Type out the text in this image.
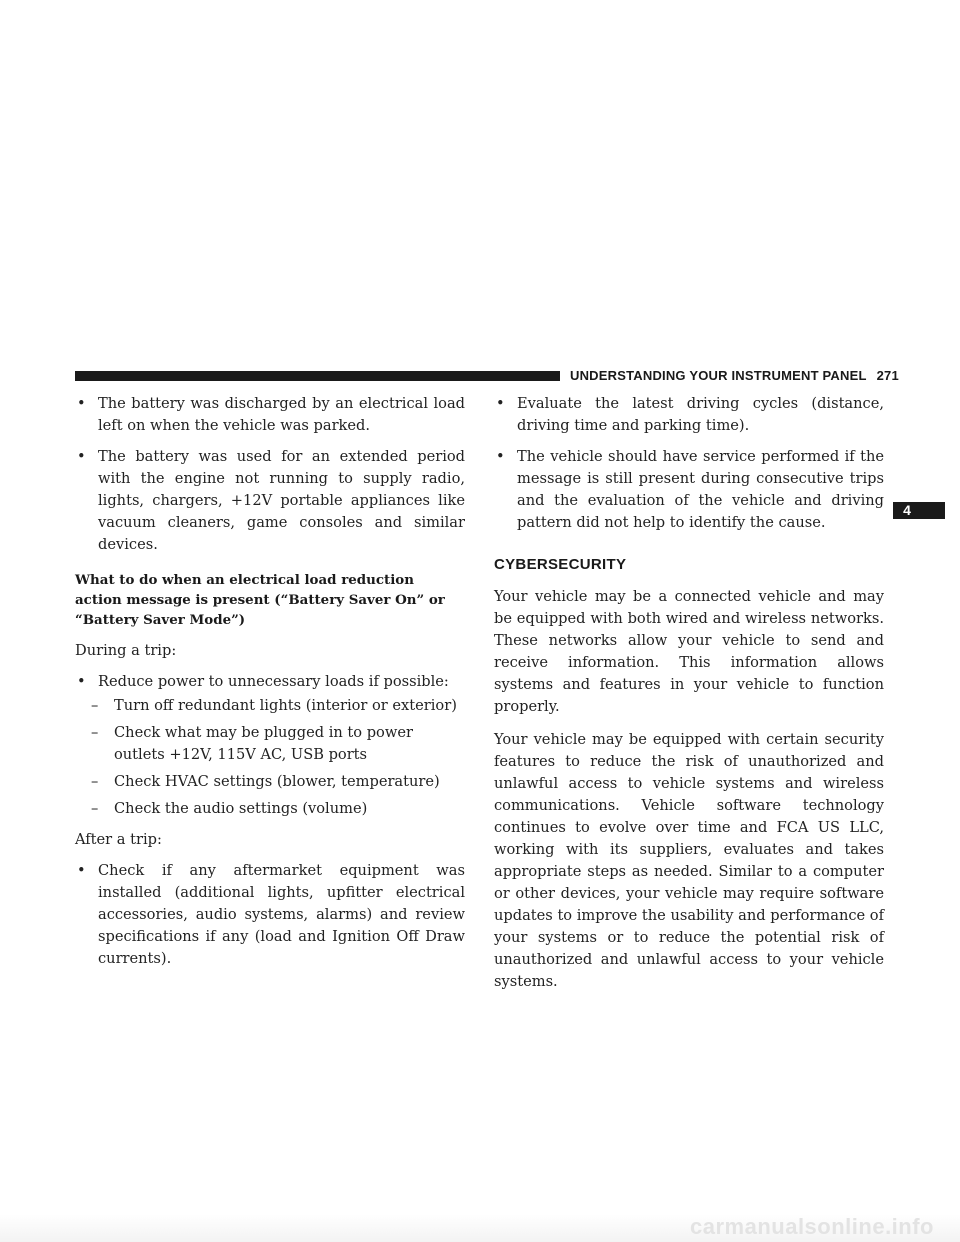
UNDERSTANDING YOUR INSTRUMENT PANEL 271
4
• The battery was discharged by an electrical load left on when the vehicle was parked.
• The battery was used for an extended period with the engine not running to supply radio, lights, chargers, +12V portable appliances like vacuum cleaners, game consoles and similar devices.
What to do when an electrical load reduction action message is present (“Battery Saver On” or “Battery Saver Mode”)

During a trip:

• Reduce power to unnecessary loads if possible:
– Turn off redundant lights (interior or exterior)
– Check what may be plugged in to power outlets +12V, 115V AC, USB ports
– Check HVAC settings (blower, temperature)
– Check the audio settings (volume)

After a trip:

• Check if any aftermarket equipment was installed (additional lights, upfitter electrical accessories, audio systems, alarms) and review specifications if any (load and Ignition Off Draw currents).
• Evaluate the latest driving cycles (distance, driving time and parking time).
• The vehicle should have service performed if the message is still present during consecutive trips and the evaluation of the vehicle and driving pattern did not help to identify the cause.
CYBERSECURITY

Your vehicle may be a connected vehicle and may be equipped with both wired and wireless networks. These networks allow your vehicle to send and receive information. This information allows systems and features in your vehicle to function properly.

Your vehicle may be equipped with certain security features to reduce the risk of unauthorized and unlawful access to vehicle systems and wireless communications. Vehicle software technology continues to evolve over time and FCA US LLC, working with its suppliers, evaluates and takes appropriate steps as needed. Similar to a computer or other devices, your vehicle may require software updates to improve the usability and performance of your systems or to reduce the potential risk of unauthorized and unlawful access to your vehicle systems.

carmanualsonline.info
